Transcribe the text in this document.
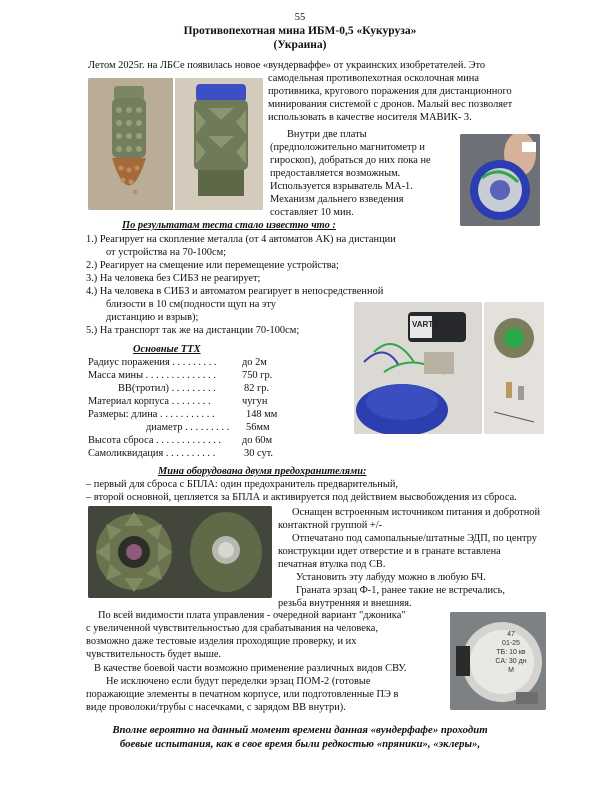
55
Противопехотная мина ИБМ-0,5 «Кукуруза»
(Украина)
Летом 2025г. на ЛБСе появилась новое «вундерваффе» от украинских изобретателей. Это
самодельная противопехотная осколочная мина
противника, кругового поражения для дистанционного
минирования системой с дронов. Малый вес позволяет
использовать в качестве носителя МАВИК- 3.
Внутри две платы
(предположительно магнитометр и
гироскоп), добраться до них пока не
предоставляется возможным.
Используется взрыватель МА-1.
Механизм дальнего взведения
составляет 10 мин.
По результатам теста стало известно что :
1.) Реагирует на скопление металла (от 4 автоматов АК) на дистанции
от устройства на 70-100см;
2.) Реагирует на смещение или перемещение устройства;
3.) На человека без СИБЗ не реагирует;
4.) На человека в СИБЗ и автоматом реагирует в непосредственной
близости в 10 см(подности щуп на эту
дистанцию и взрыв);
5.) На транспорт так же на дистанции 70-100см;
VARTA
Основные ТТХ
Радиус поражения . . . . . . . . . до 2м
Масса мины . . . . . . . . . . . . . .	750 гр.
ВВ(тротил) . . . . . . . . .	82 гр.
Материал корпуса . . . . . . . .	чугун
Размеры: длина . . . . . . . . . . .	148 мм
диаметр . . . . . . . . . 56мм
Высота сброса . . . . . . . . . . . . . до 60м
Самоликвидация . . . . . . . . . .	30 сут.
Мина оборудована двумя предохранителями:
– первый для сброса с БПЛА: один предохранитель предварительный,
– второй основной, цепляется за БПЛА и активируется под действием высвобождения из сброса.
Оснащен встроенным источником питания и добротной
контактной группой +/-
Отпечатано под самопальные/штатные ЭДП, по центру
конструкции идет отверстие и в гранате вставлена
печатная втулка под СВ.
Установить эту лабуду можно в любую БЧ.
Граната эрзац Ф-1, ранее такие не встречались,
резьба внутренняя и внешняя.
По всей видимости плата управления - очередной вариант "джоника"
с увеличенной чувствительностью для срабатывания на человека,
возможно даже тестовые изделия проходящие проверку, и их
чувствительность будет выше.
В качестве боевой части возможно применение различных видов СВУ.
Не исключено если будут переделки эрзац ПОМ-2 (готовые
поражающие элементы в печатном корпусе, или подготовленные ПЭ в
виде проволоки/трубы с насечками, с зарядом ВВ внутри).
47
01-25
ТБ: 10 кв
СА: 30 дн
М
Вполне вероятно на данный момент времени данная «вундерфафе» проходит
боевые испытания, как в свое время были редкостью «пряники», «эклеры»,
